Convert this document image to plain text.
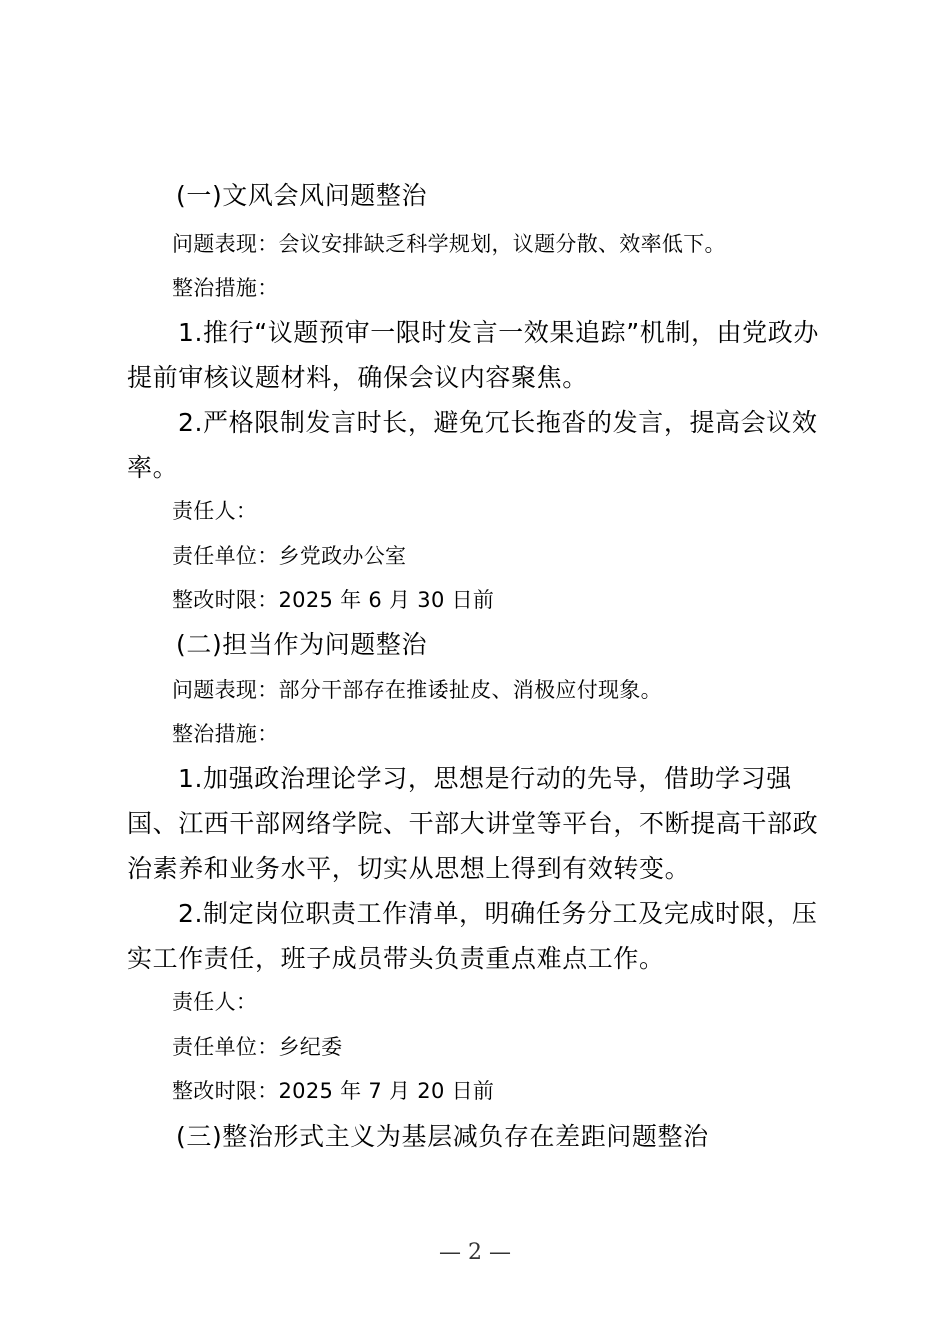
(一)文风会风问题整治
问题表现：会议安排缺乏科学规划，议题分散、效率低下。
整治措施：
1.推行“议题预审一限时发言一效果追踪”机制，由党政办
提前审核议题材料，确保会议内容聚焦。
2.严格限制发言时长，避免冗长拖沓的发言，提高会议效
率。
责任人：
责任单位：乡党政办公室
整改时限：2025 年 6 月 30 日前
(二)担当作为问题整治
问题表现：部分干部存在推诿扯皮、消极应付现象。
整治措施：
1.加强政治理论学习，思想是行动的先导，借助学习强
国、江西干部网络学院、干部大讲堂等平台，不断提高干部政
治素养和业务水平，切实从思想上得到有效转变。
2.制定岗位职责工作清单，明确任务分工及完成时限，压
实工作责任，班子成员带头负责重点难点工作。
责任人：
责任单位：乡纪委
整改时限：2025 年 7 月 20 日前
(三)整治形式主义为基层减负存在差距问题整治
— 2 —
